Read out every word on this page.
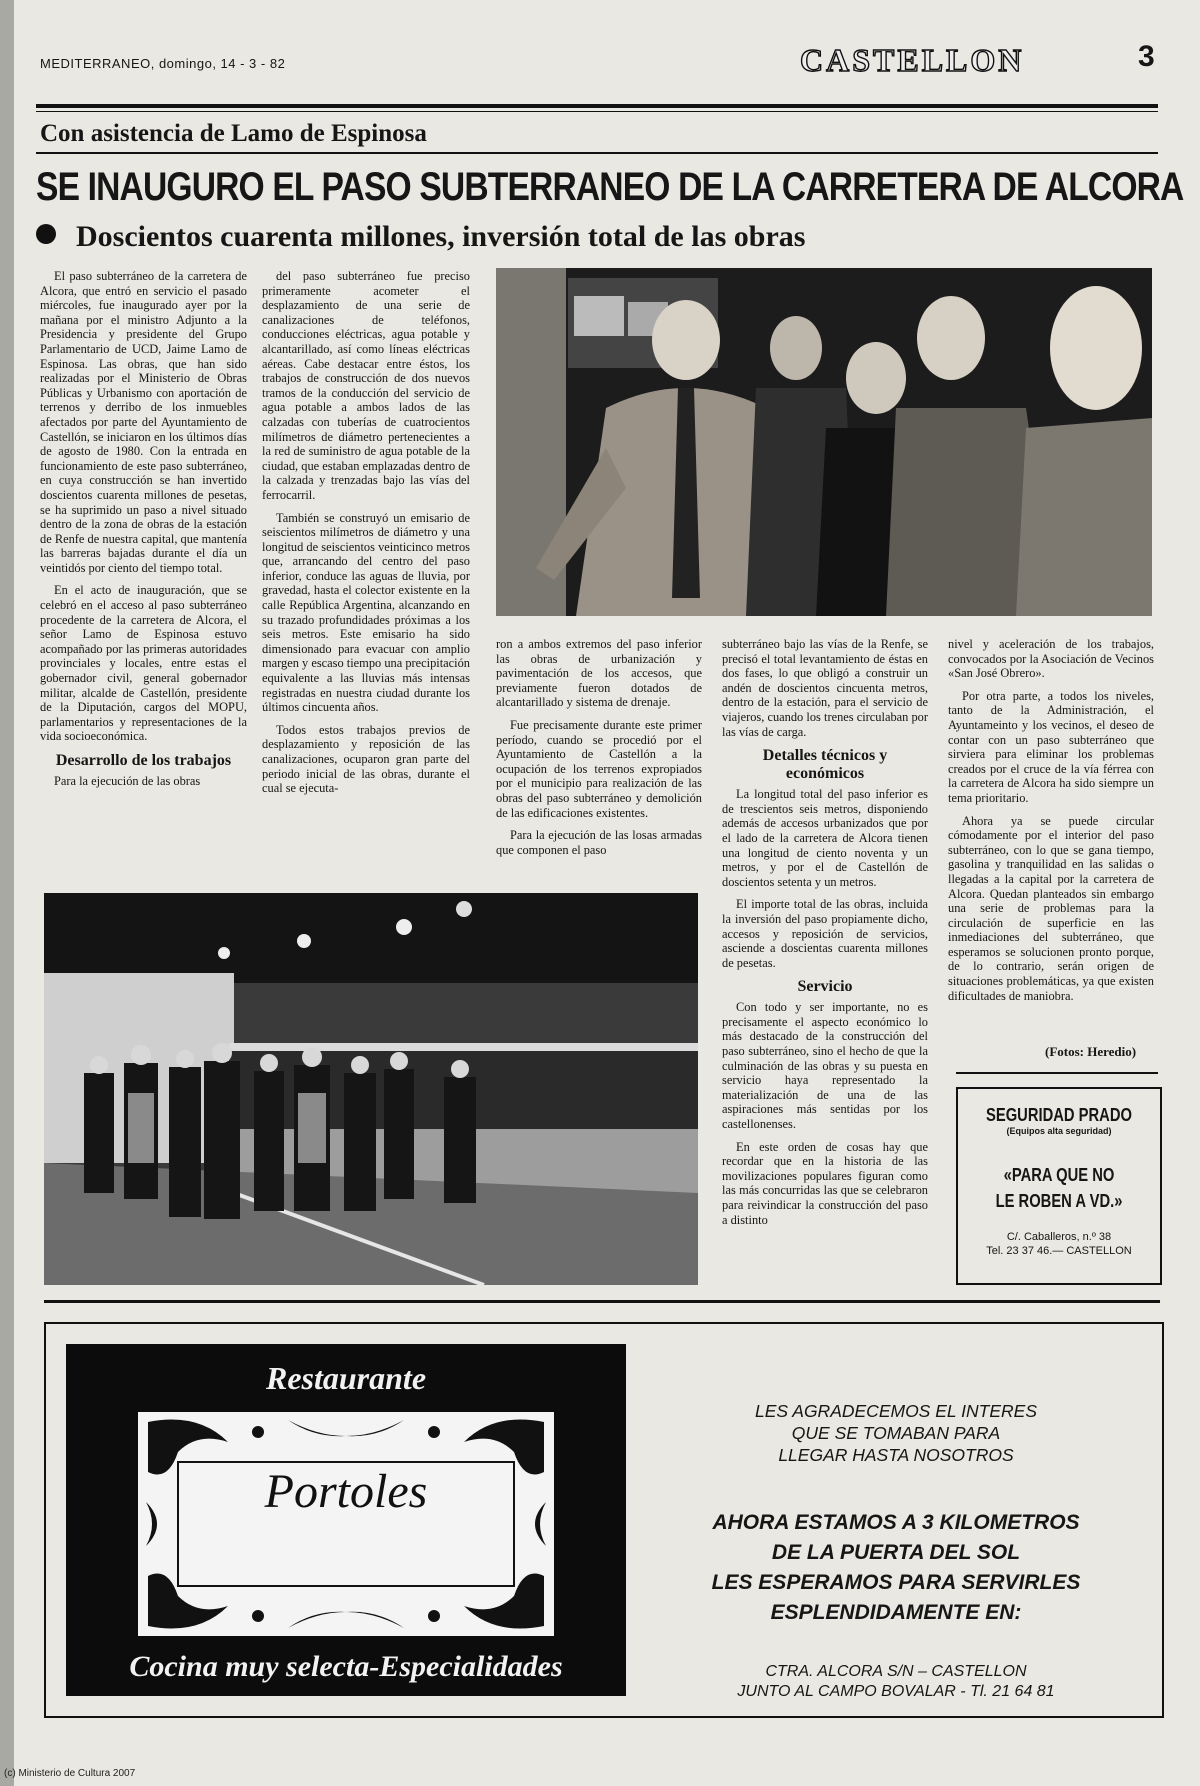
MEDITERRANEO, domingo, 14 - 3 - 82	CASTELLON	3
Con asistencia de Lamo de Espinosa
SE INAUGURO EL PASO SUBTERRANEO DE LA CARRETERA DE ALCORA
Doscientos cuarenta millones, inversión total de las obras

El paso subterráneo de la carretera de Alcora, que entró en servicio el pasado miércoles, fue inaugurado ayer por la mañana por el ministro Adjunto a la Presidencia y presidente del Grupo Parlamentario de UCD, Jaime Lamo de Espinosa. Las obras, que han sido realizadas por el Ministerio de Obras Públicas y Urbanismo con aportación de terrenos y derribo de los inmuebles afectados por parte del Ayuntamiento de Castellón, se iniciaron en los últimos días de agosto de 1980. Con la entrada en funcionamiento de este paso subterráneo, en cuya construcción se han invertido doscientos cuarenta millones de pesetas, se ha suprimido un paso a nivel situado dentro de la zona de obras de la estación de Renfe de nuestra capital, que mantenía las barreras bajadas durante el día un veintidós por ciento del tiempo total.

En el acto de inauguración, que se celebró en el acceso al paso subterráneo procedente de la carretera de Alcora, el señor Lamo de Espinosa estuvo acompañado por las primeras autoridades provinciales y locales, entre estas el gobernador civil, general gobernador militar, alcalde de Castellón, presidente de la Diputación, cargos del MOPU, parlamentarios y representaciones de la vida socioeconómica.

Desarrollo de los trabajos

Para la ejecución de las obras

del paso subterráneo fue preciso primeramente acometer el desplazamiento de una serie de canalizaciones de teléfonos, conducciones eléctricas, agua potable y alcantarillado, así como líneas eléctricas aéreas. Cabe destacar entre éstos, los trabajos de construcción de dos nuevos tramos de la conducción del servicio de agua potable a ambos lados de las calzadas con tuberías de cuatrocientos milímetros de diámetro pertenecientes a la red de suministro de agua potable de la ciudad, que estaban emplazadas dentro de la calzada y trenzadas bajo las vías del ferrocarril.

También se construyó un emisario de seiscientos milímetros de diámetro y una longitud de seiscientos veinticinco metros que, arrancando del centro del paso inferior, conduce las aguas de lluvia, por gravedad, hasta el colector existente en la calle República Argentina, alcanzando en su trazado profundidades próximas a los seis metros. Este emisario ha sido dimensionado para evacuar con amplio margen y escaso tiempo una precipitación equivalente a las lluvias más intensas registradas en nuestra ciudad durante los últimos cincuenta años.

Todos estos trabajos previos de desplazamiento y reposición de las canalizaciones, ocuparon gran parte del periodo inicial de las obras, durante el cual se ejecuta-

ron a ambos extremos del paso inferior las obras de urbanización y pavimentación de los accesos, que previamente fueron dotados de alcantarillado y sistema de drenaje.

Fue precisamente durante este primer período, cuando se procedió por el Ayuntamiento de Castellón a la ocupación de los terrenos expropiados por el municipio para realización de las obras del paso subterráneo y demolición de las edificaciones existentes.

Para la ejecución de las losas armadas que componen el paso

subterráneo bajo las vías de la Renfe, se precisó el total levantamiento de éstas en dos fases, lo que obligó a construir un andén de doscientos cincuenta metros, dentro de la estación, para el servicio de viajeros, cuando los trenes circulaban por las vías de carga.

Detalles técnicos y económicos

La longitud total del paso inferior es de trescientos seis metros, disponiendo además de accesos urbanizados que por el lado de la carretera de Alcora tienen una longitud de ciento noventa y un metros, y por el de Castellón de doscientos setenta y un metros.

El importe total de las obras, incluida la inversión del paso propiamente dicho, accesos y reposición de servicios, asciende a doscientas cuarenta millones de pesetas.

Servicio

Con todo y ser importante, no es precisamente el aspecto económico lo más destacado de la construcción del paso subterráneo, sino el hecho de que la culminación de las obras y su puesta en servicio haya representado la materialización de una de las aspiraciones más sentidas por los castellonenses.

En este orden de cosas hay que recordar que en la historia de las movilizaciones populares figuran como las más concurridas las que se celebraron para reivindicar la construcción del paso a distinto

nivel y aceleración de los trabajos, convocados por la Asociación de Vecinos «San José Obrero».

Por otra parte, a todos los niveles, tanto de la Administración, el Ayuntameinto y los vecinos, el deseo de contar con un paso subterráneo que sirviera para eliminar los problemas creados por el cruce de la vía férrea con la carretera de Alcora ha sido siempre un tema prioritario.

Ahora ya se puede circular cómodamente por el interior del paso subterráneo, con lo que se gana tiempo, gasolina y tranquilidad en las salidas o llegadas a la capital por la carretera de Alcora. Quedan planteados sin embargo una serie de problemas para la circulación de superficie en las inmediaciones del subterráneo, que esperamos se solucionen pronto porque, de lo contrario, serán origen de situaciones problemáticas, ya que existen dificultades de maniobra.

(Fotos: Heredio)
SEGURIDAD PRADO
(Equipos alta seguridad)
«PARA QUE NO
LE ROBEN A VD.»
C/. Caballeros, n.º 38
Tel. 23 37 46.— CASTELLON
Restaurante
Portoles
Cocina muy selecta-Especialidades
LES AGRADECEMOS EL INTERES
QUE SE TOMABAN PARA
LLEGAR HASTA NOSOTROS
AHORA ESTAMOS A 3 KILOMETROS
DE LA PUERTA DEL SOL
LES ESPERAMOS PARA SERVIRLES
ESPLENDIDAMENTE EN:
CTRA. ALCORA S/N – CASTELLON
JUNTO AL CAMPO BOVALAR - Tl. 21 64 81
(c) Ministerio de Cultura 2007
